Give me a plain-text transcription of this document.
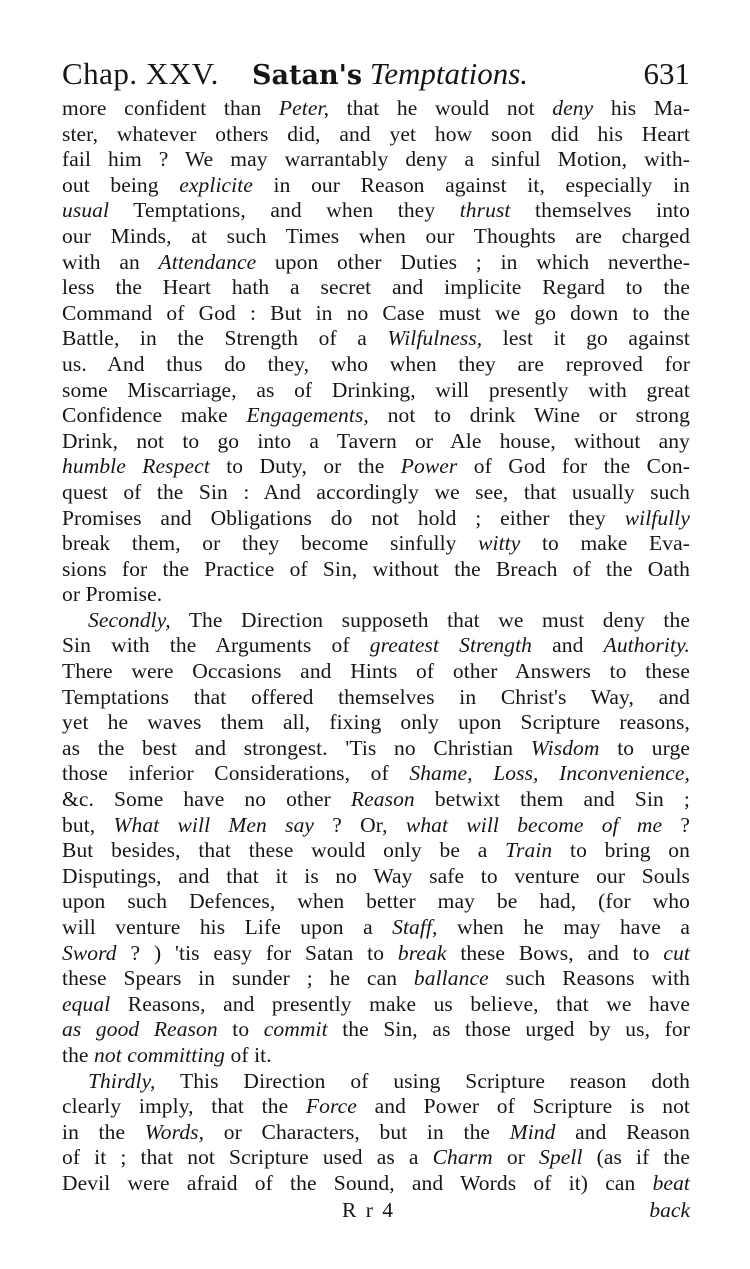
Chap. XXV. Satan's Temptations.	631
more confident than Peter, that he would not deny his Ma-
ster, whatever others did, and yet how soon did his Heart
fail him ? We may warrantably deny a sinful Motion, with-
out being explicite in our Reason against it, especially in
usual Temptations, and when they thrust themselves into
our Minds, at such Times when our Thoughts are charged
with an Attendance upon other Duties ; in which neverthe-
less the Heart hath a secret and implicite Regard to the
Command of God : But in no Case must we go down to the
Battle, in the Strength of a Wilfulness, lest it go against
us. And thus do they, who when they are reproved for
some Miscarriage, as of Drinking, will presently with great
Confidence make Engagements, not to drink Wine or strong
Drink, not to go into a Tavern or Ale house, without any
humble Respect to Duty, or the Power of God for the Con-
quest of the Sin : And accordingly we see, that usually such
Promises and Obligations do not hold ; either they wilfully
break them, or they become sinfully witty to make Eva-
sions for the Practice of Sin, without the Breach of the Oath
or Promise.
Secondly, The Direction supposeth that we must deny the
Sin with the Arguments of greatest Strength and Authority.
There were Occasions and Hints of other Answers to these
Temptations that offered themselves in Christ's Way, and
yet he waves them all, fixing only upon Scripture reasons,
as the best and strongest. 'Tis no Christian Wisdom to urge
those inferior Considerations, of Shame, Loss, Inconvenience,
&c. Some have no other Reason betwixt them and Sin ;
but, What will Men say ? Or, what will become of me ?
But besides, that these would only be a Train to bring on
Disputings, and that it is no Way safe to venture our Souls
upon such Defences, when better may be had, (for who
will venture his Life upon a Staff, when he may have a
Sword ? ) 'tis easy for Satan to break these Bows, and to cut
these Spears in sunder ; he can ballance such Reasons with
equal Reasons, and presently make us believe, that we have
as good Reason to commit the Sin, as those urged by us, for
the not committing of it.
Thirdly, This Direction of using Scripture reason doth
clearly imply, that the Force and Power of Scripture is not
in the Words, or Characters, but in the Mind and Reason
of it ; that not Scripture used as a Charm or Spell (as if the
Devil were afraid of the Sound, and Words of it) can beat
R r 4	back
